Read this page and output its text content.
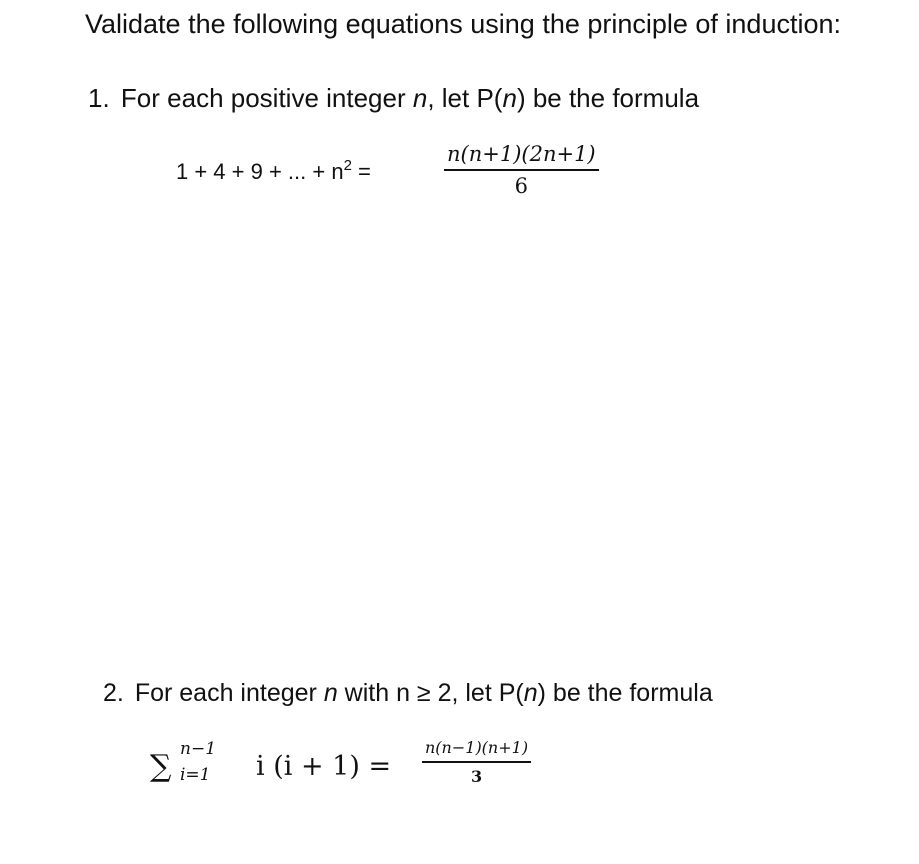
Validate the following equations using the principle of induction:
1. For each positive integer n, let P(n) be the formula
1 + 4 + 9 + ... + $n^2$ =
n(n+1)(2n+1)
6
2. For each integer n with n ≥ 2, let P(n) be the formula
∑ n−1
i=1 i (i + 1) =
n(n−1)(n+1)
3
